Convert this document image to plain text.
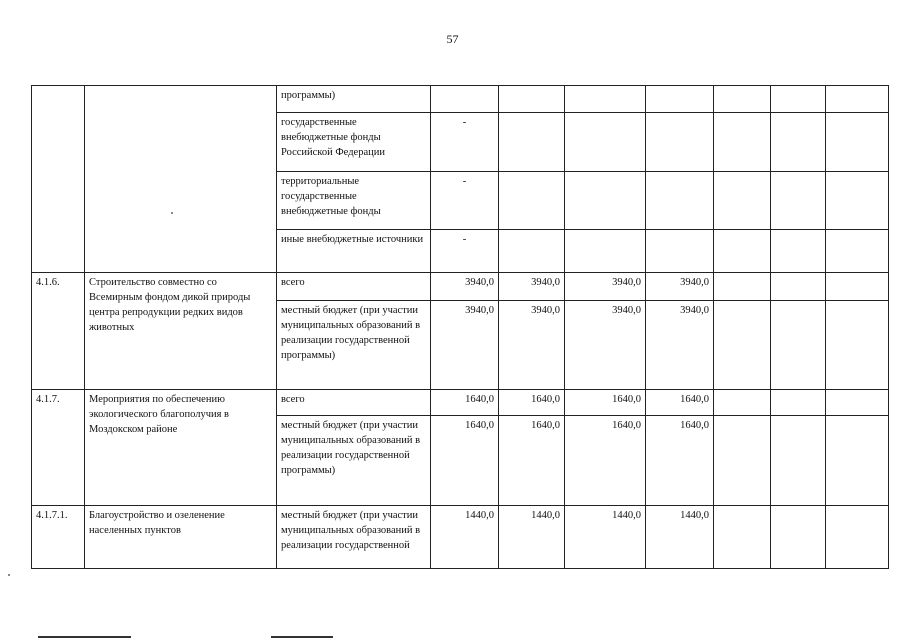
57
		программы)							
		государственные внебюджетные фонды Российской Федерации	-						
		территориальные государственные внебюджетные фонды	-						
		иные внебюджетные источники	-						
4.1.6.	Строительство совместно со Всемирным фондом дикой природы центра репродукции редких видов животных	всего	3940,0	3940,0	3940,0	3940,0			
		местный бюджет (при участии муниципальных образований в реализации государственной программы)	3940,0	3940,0	3940,0	3940,0			
4.1.7.	Мероприятия по обеспечению экологического благополучия в Моздокском районе	всего	1640,0	1640,0	1640,0	1640,0			
		местный бюджет (при участии муниципальных образований в реализации государственной программы)	1640,0	1640,0	1640,0	1640,0			
4.1.7.1.	Благоустройство и озеленение населенных пунктов	местный бюджет (при участии муниципальных образований в реализации государственной	1440,0	1440,0	1440,0	1440,0			
